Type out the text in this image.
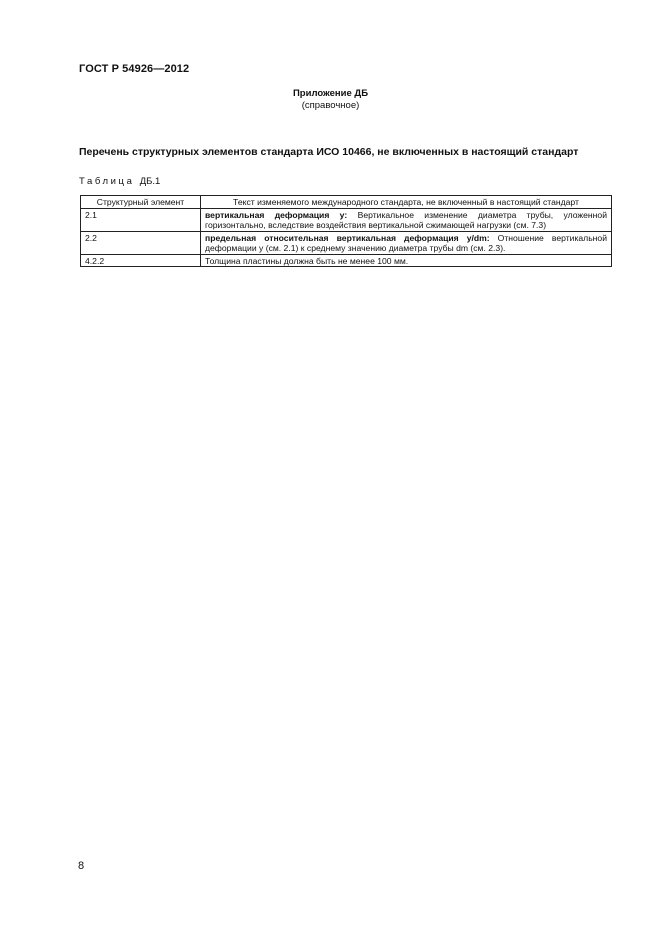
ГОСТ Р 54926—2012
Приложение ДБ
(справочное)
Перечень структурных элементов стандарта ИСО 10466, не включенных в настоящий стандарт
Таблица ДБ.1
Структурный элемент	Текст изменяемого международного стандарта, не включенный в настоящий стандарт
2.1	вертикальная деформация y: Вертикальное изменение диаметра трубы, уложенной горизонтально, вследствие воздействия вертикальной сжимающей нагрузки (см. 7.3)
2.2	предельная относительная вертикальная деформация y/dm: Отношение вертикальной деформации y (см. 2.1) к среднему значению диаметра трубы dm (см. 2.3).
4.2.2	Толщина пластины должна быть не менее 100 мм.
8
